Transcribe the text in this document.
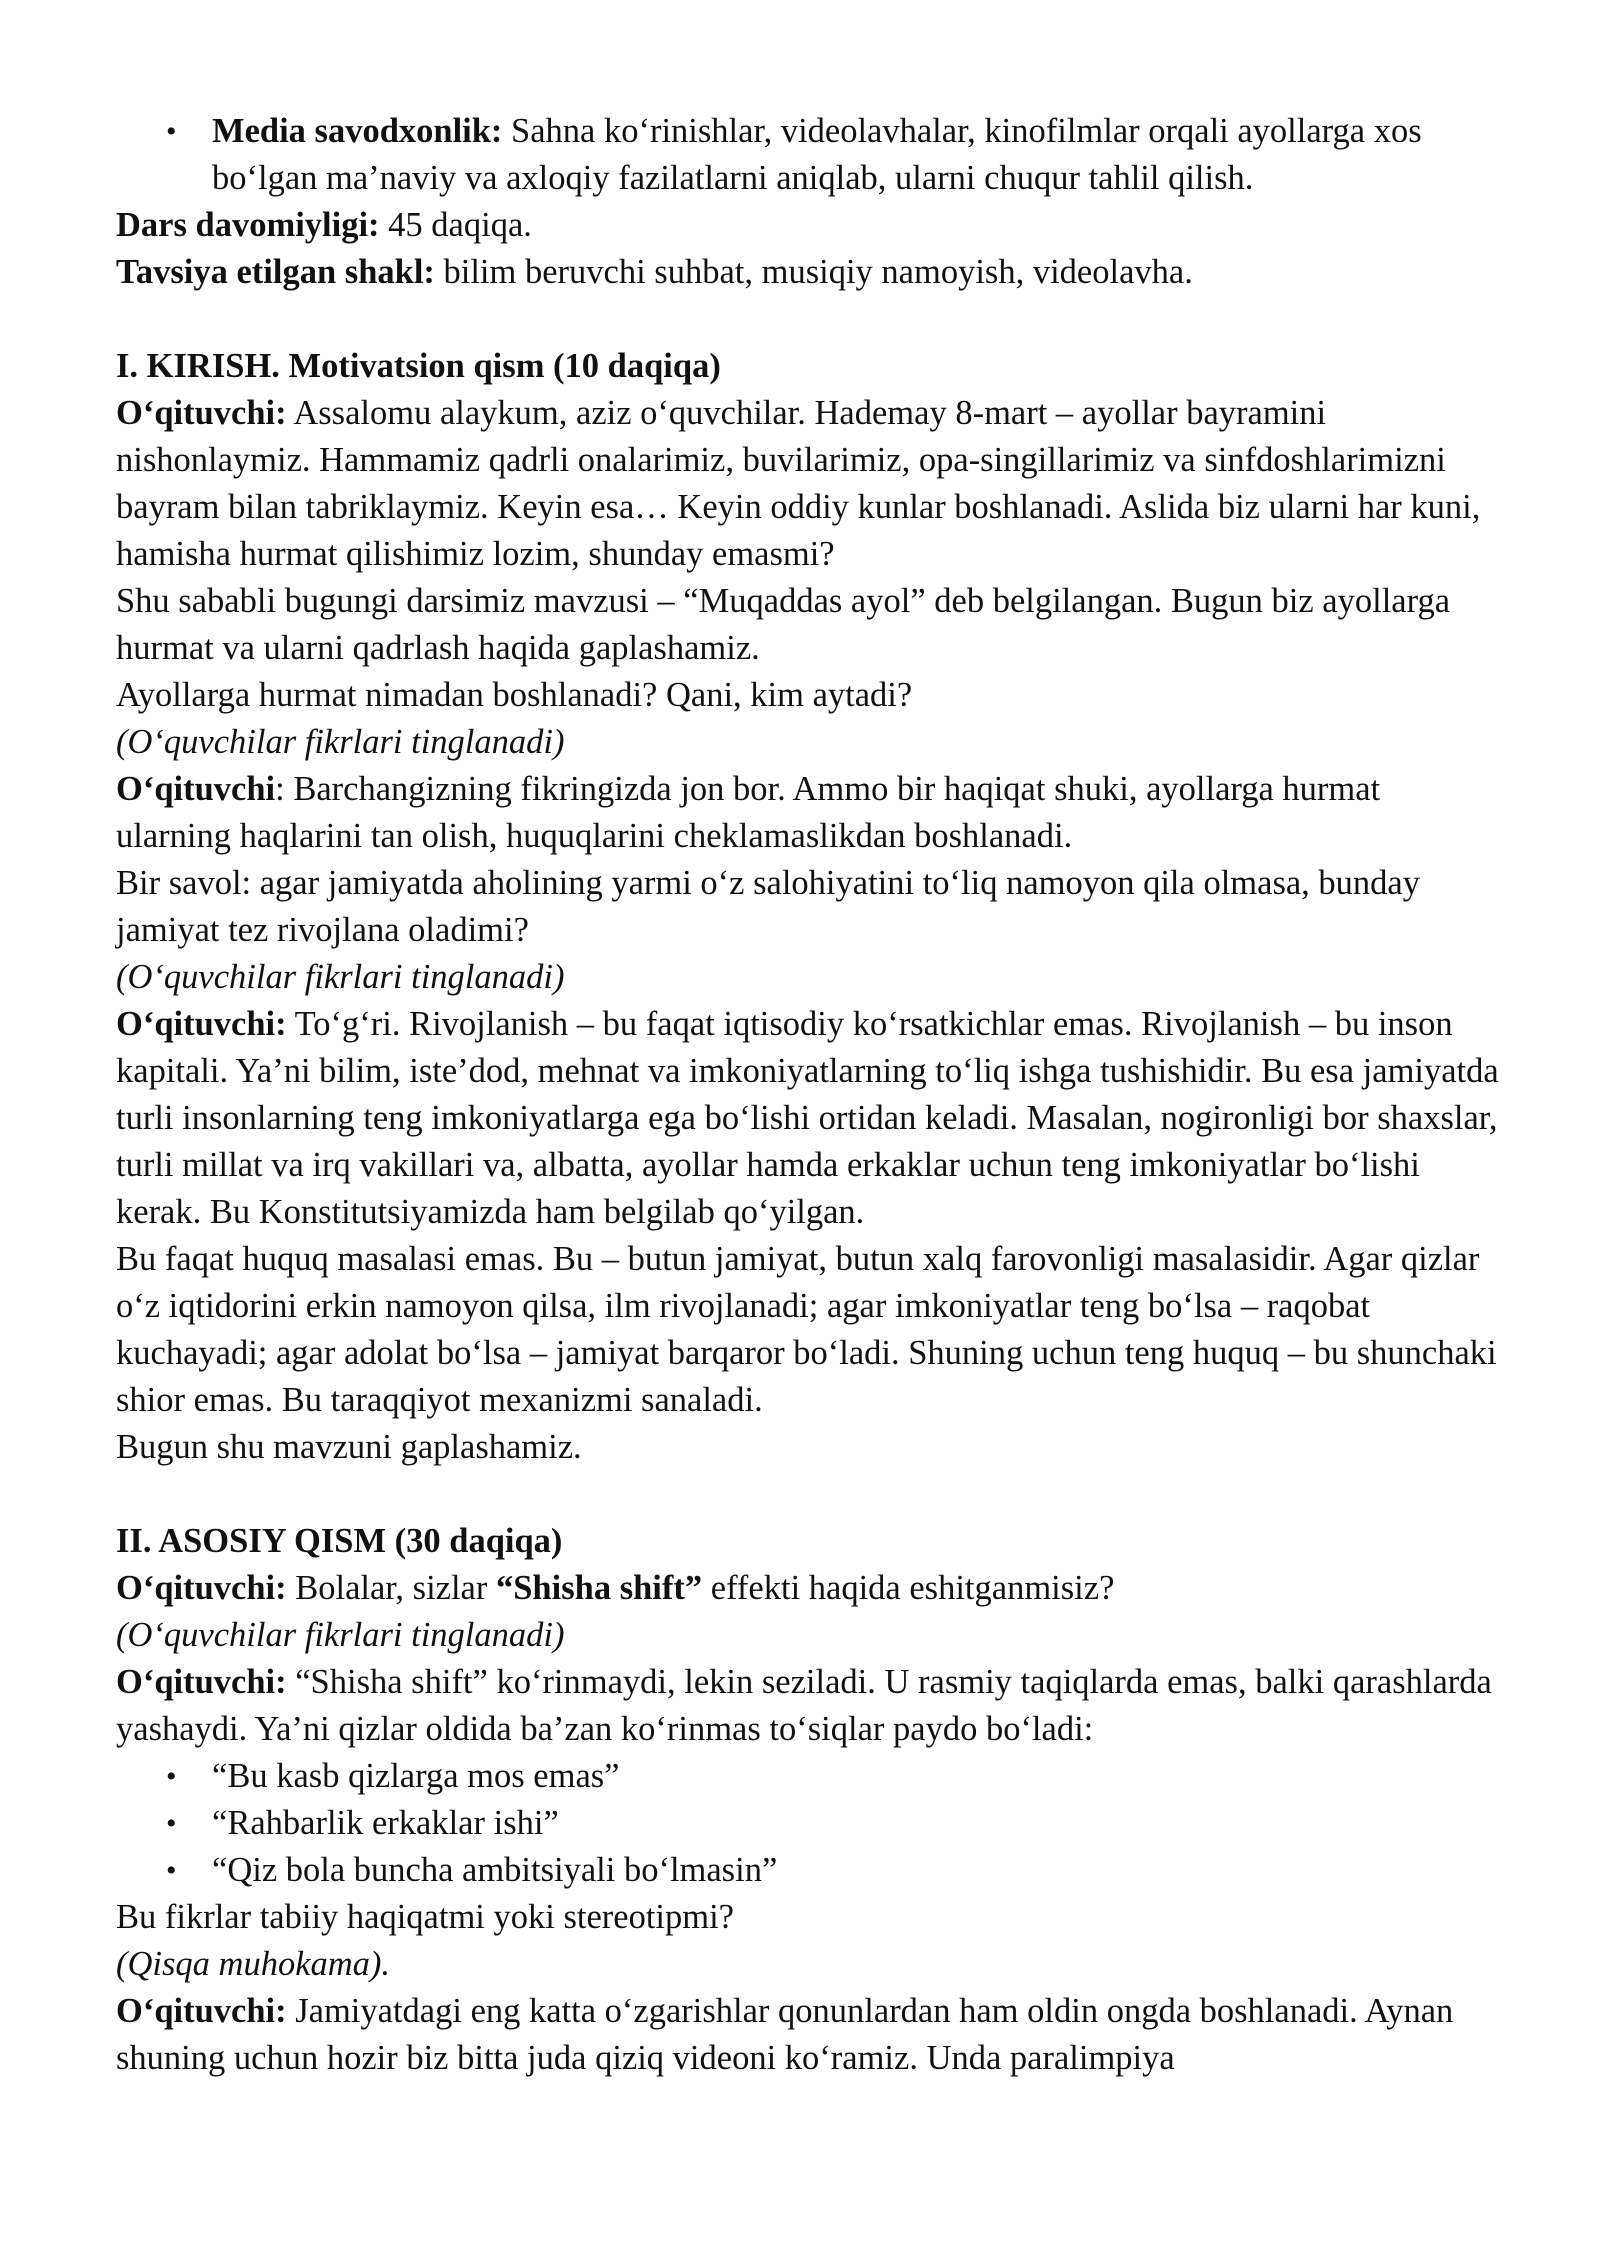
• Media savodxonlik: Sahna ko‘rinishlar, videolavhalar, kinofilmlar orqali ayollarga xos bo‘lgan ma’naviy va axloqiy fazilatlarni aniqlab, ularni chuqur tahlil qilish.

Dars davomiyligi: 45 daqiqa.

Tavsiya etilgan shakl: bilim beruvchi suhbat, musiqiy namoyish, videolavha.

I. KIRISH. Motivatsion qism (10 daqiqa)

O‘qituvchi: Assalomu alaykum, aziz o‘quvchilar. Hademay 8-mart – ayollar bayramini nishonlaymiz. Hammamiz qadrli onalarimiz, buvilarimiz, opa-singillarimiz va sinfdoshlarimizni bayram bilan tabriklaymiz. Keyin esa… Keyin oddiy kunlar boshlanadi. Aslida biz ularni har kuni, hamisha hurmat qilishimiz lozim, shunday emasmi?

Shu sababli bugungi darsimiz mavzusi – “Muqaddas ayol” deb belgilangan. Bugun biz ayollarga hurmat va ularni qadrlash haqida gaplashamiz.

Ayollarga hurmat nimadan boshlanadi? Qani, kim aytadi?

(O‘quvchilar fikrlari tinglanadi)

O‘qituvchi: Barchangizning fikringizda jon bor. Ammo bir haqiqat shuki, ayollarga hurmat ularning haqlarini tan olish, huquqlarini cheklamaslikdan boshlanadi.

Bir savol: agar jamiyatda aholining yarmi o‘z salohiyatini to‘liq namoyon qila olmasa, bunday jamiyat tez rivojlana oladimi?

(O‘quvchilar fikrlari tinglanadi)

O‘qituvchi: To‘g‘ri. Rivojlanish – bu faqat iqtisodiy ko‘rsatkichlar emas. Rivojlanish – bu inson kapitali. Ya’ni bilim, iste’dod, mehnat va imkoniyatlarning to‘liq ishga tushishidir. Bu esa jamiyatda turli insonlarning teng imkoniyatlarga ega bo‘lishi ortidan keladi. Masalan, nogironligi bor shaxslar, turli millat va irq vakillari va, albatta, ayollar hamda erkaklar uchun teng imkoniyatlar bo‘lishi kerak. Bu Konstitutsiyamizda ham belgilab qo‘yilgan.

Bu faqat huquq masalasi emas. Bu – butun jamiyat, butun xalq farovonligi masalasidir. Agar qizlar o‘z iqtidorini erkin namoyon qilsa, ilm rivojlanadi; agar imkoniyatlar teng bo‘lsa – raqobat kuchayadi; agar adolat bo‘lsa – jamiyat barqaror bo‘ladi. Shuning uchun teng huquq – bu shunchaki shior emas. Bu taraqqiyot mexanizmi sanaladi.

Bugun shu mavzuni gaplashamiz.

II. ASOSIY QISM (30 daqiqa)

O‘qituvchi: Bolalar, sizlar “Shisha shift” effekti haqida eshitganmisiz?

(O‘quvchilar fikrlari tinglanadi)

O‘qituvchi: “Shisha shift” ko‘rinmaydi, lekin seziladi. U rasmiy taqiqlarda emas, balki qarashlarda yashaydi. Ya’ni qizlar oldida ba’zan ko‘rinmas to‘siqlar paydo bo‘ladi:

• “Bu kasb qizlarga mos emas”
• “Rahbarlik erkaklar ishi”
• “Qiz bola buncha ambitsiyali bo‘lmasin”

Bu fikrlar tabiiy haqiqatmi yoki stereotipmi?

(Qisqa muhokama).

O‘qituvchi: Jamiyatdagi eng katta o‘zgarishlar qonunlardan ham oldin ongda boshlanadi. Aynan shuning uchun hozir biz bitta juda qiziq videoni ko‘ramiz. Unda paralimpiya
